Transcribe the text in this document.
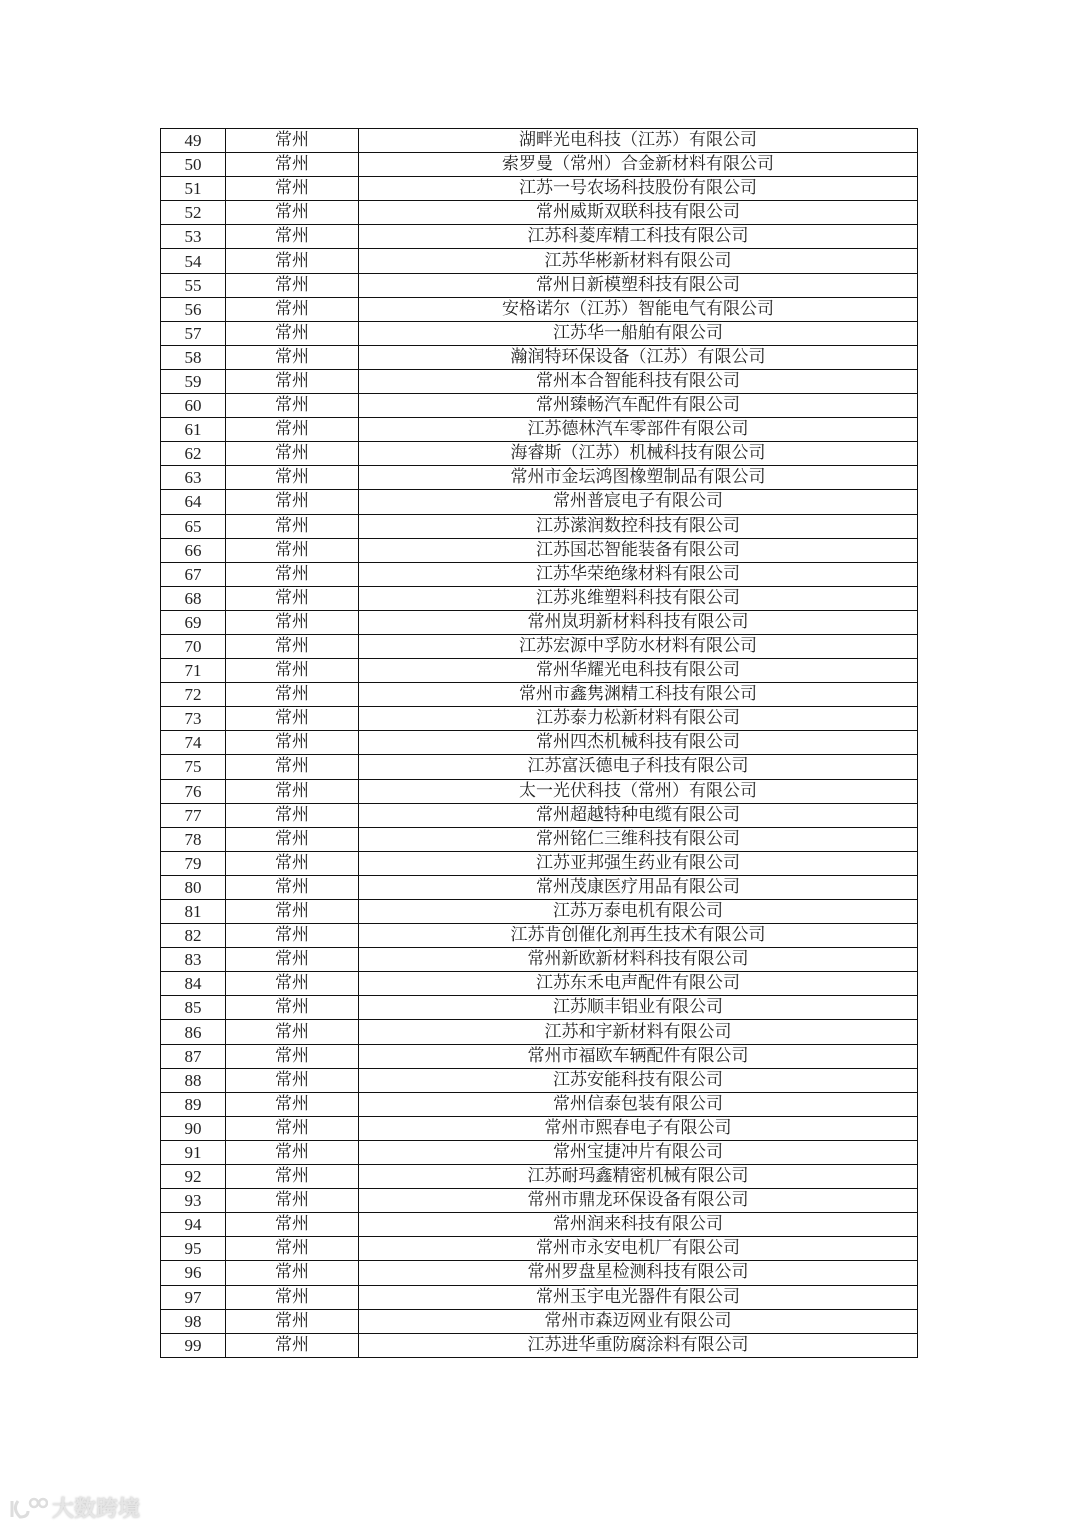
49	常州	湖畔光电科技（江苏）有限公司
50	常州	索罗曼（常州）合金新材料有限公司
51	常州	江苏一号农场科技股份有限公司
52	常州	常州威斯双联科技有限公司
53	常州	江苏科菱库精工科技有限公司
54	常州	江苏华彬新材料有限公司
55	常州	常州日新模塑科技有限公司
56	常州	安格诺尔（江苏）智能电气有限公司
57	常州	江苏华一船舶有限公司
58	常州	瀚润特环保设备（江苏）有限公司
59	常州	常州本合智能科技有限公司
60	常州	常州臻畅汽车配件有限公司
61	常州	江苏德林汽车零部件有限公司
62	常州	海睿斯（江苏）机械科技有限公司
63	常州	常州市金坛鸿图橡塑制品有限公司
64	常州	常州普宸电子有限公司
65	常州	江苏潆润数控科技有限公司
66	常州	江苏国芯智能装备有限公司
67	常州	江苏华荣绝缘材料有限公司
68	常州	江苏兆维塑料科技有限公司
69	常州	常州岚玥新材料科技有限公司
70	常州	江苏宏源中孚防水材料有限公司
71	常州	常州华耀光电科技有限公司
72	常州	常州市鑫隽渊精工科技有限公司
73	常州	江苏泰力松新材料有限公司
74	常州	常州四杰机械科技有限公司
75	常州	江苏富沃德电子科技有限公司
76	常州	太一光伏科技（常州）有限公司
77	常州	常州超越特种电缆有限公司
78	常州	常州铭仁三维科技有限公司
79	常州	江苏亚邦强生药业有限公司
80	常州	常州茂康医疗用品有限公司
81	常州	江苏万泰电机有限公司
82	常州	江苏肯创催化剂再生技术有限公司
83	常州	常州新欧新材料科技有限公司
84	常州	江苏东禾电声配件有限公司
85	常州	江苏顺丰铝业有限公司
86	常州	江苏和宇新材料有限公司
87	常州	常州市福欧车辆配件有限公司
88	常州	江苏安能科技有限公司
89	常州	常州信泰包装有限公司
90	常州	常州市熙春电子有限公司
91	常州	常州宝捷冲片有限公司
92	常州	江苏耐玛鑫精密机械有限公司
93	常州	常州市鼎龙环保设备有限公司
94	常州	常州润来科技有限公司
95	常州	常州市永安电机厂有限公司
96	常州	常州罗盘星检测科技有限公司
97	常州	常州玉宇电光器件有限公司
98	常州	常州市森迈网业有限公司
99	常州	江苏进华重防腐涂料有限公司
大数跨境
